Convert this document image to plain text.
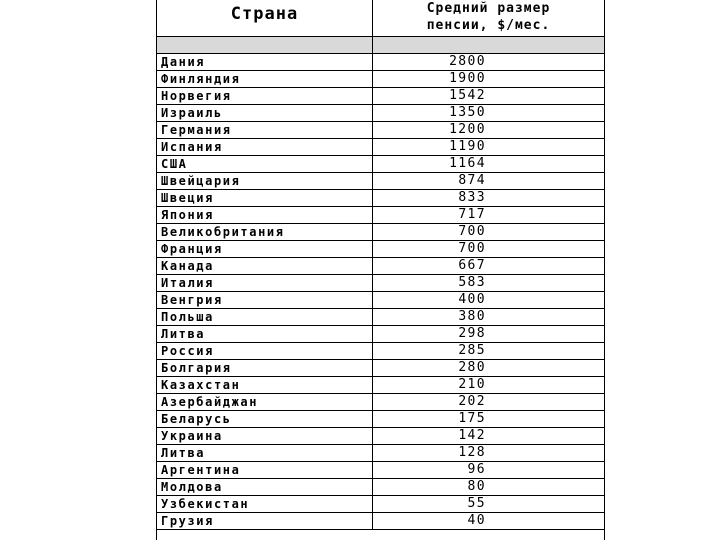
Страна	Средний размер
пенсии, $/мес.
Дания	2800
Финляндия	1900
Норвегия	1542
Израиль	1350
Германия	1200
Испания	1190
США	1164
Швейцария	874
Швеция	833
Япония	717
Великобритания	700
Франция	700
Канада	667
Италия	583
Венгрия	400
Польша	380
Литва	298
Россия	285
Болгария	280
Казахстан	210
Азербайджан	202
Беларусь	175
Украина	142
Литва	128
Аргентина	96
Молдова	80
Узбекистан	55
Грузия	40
